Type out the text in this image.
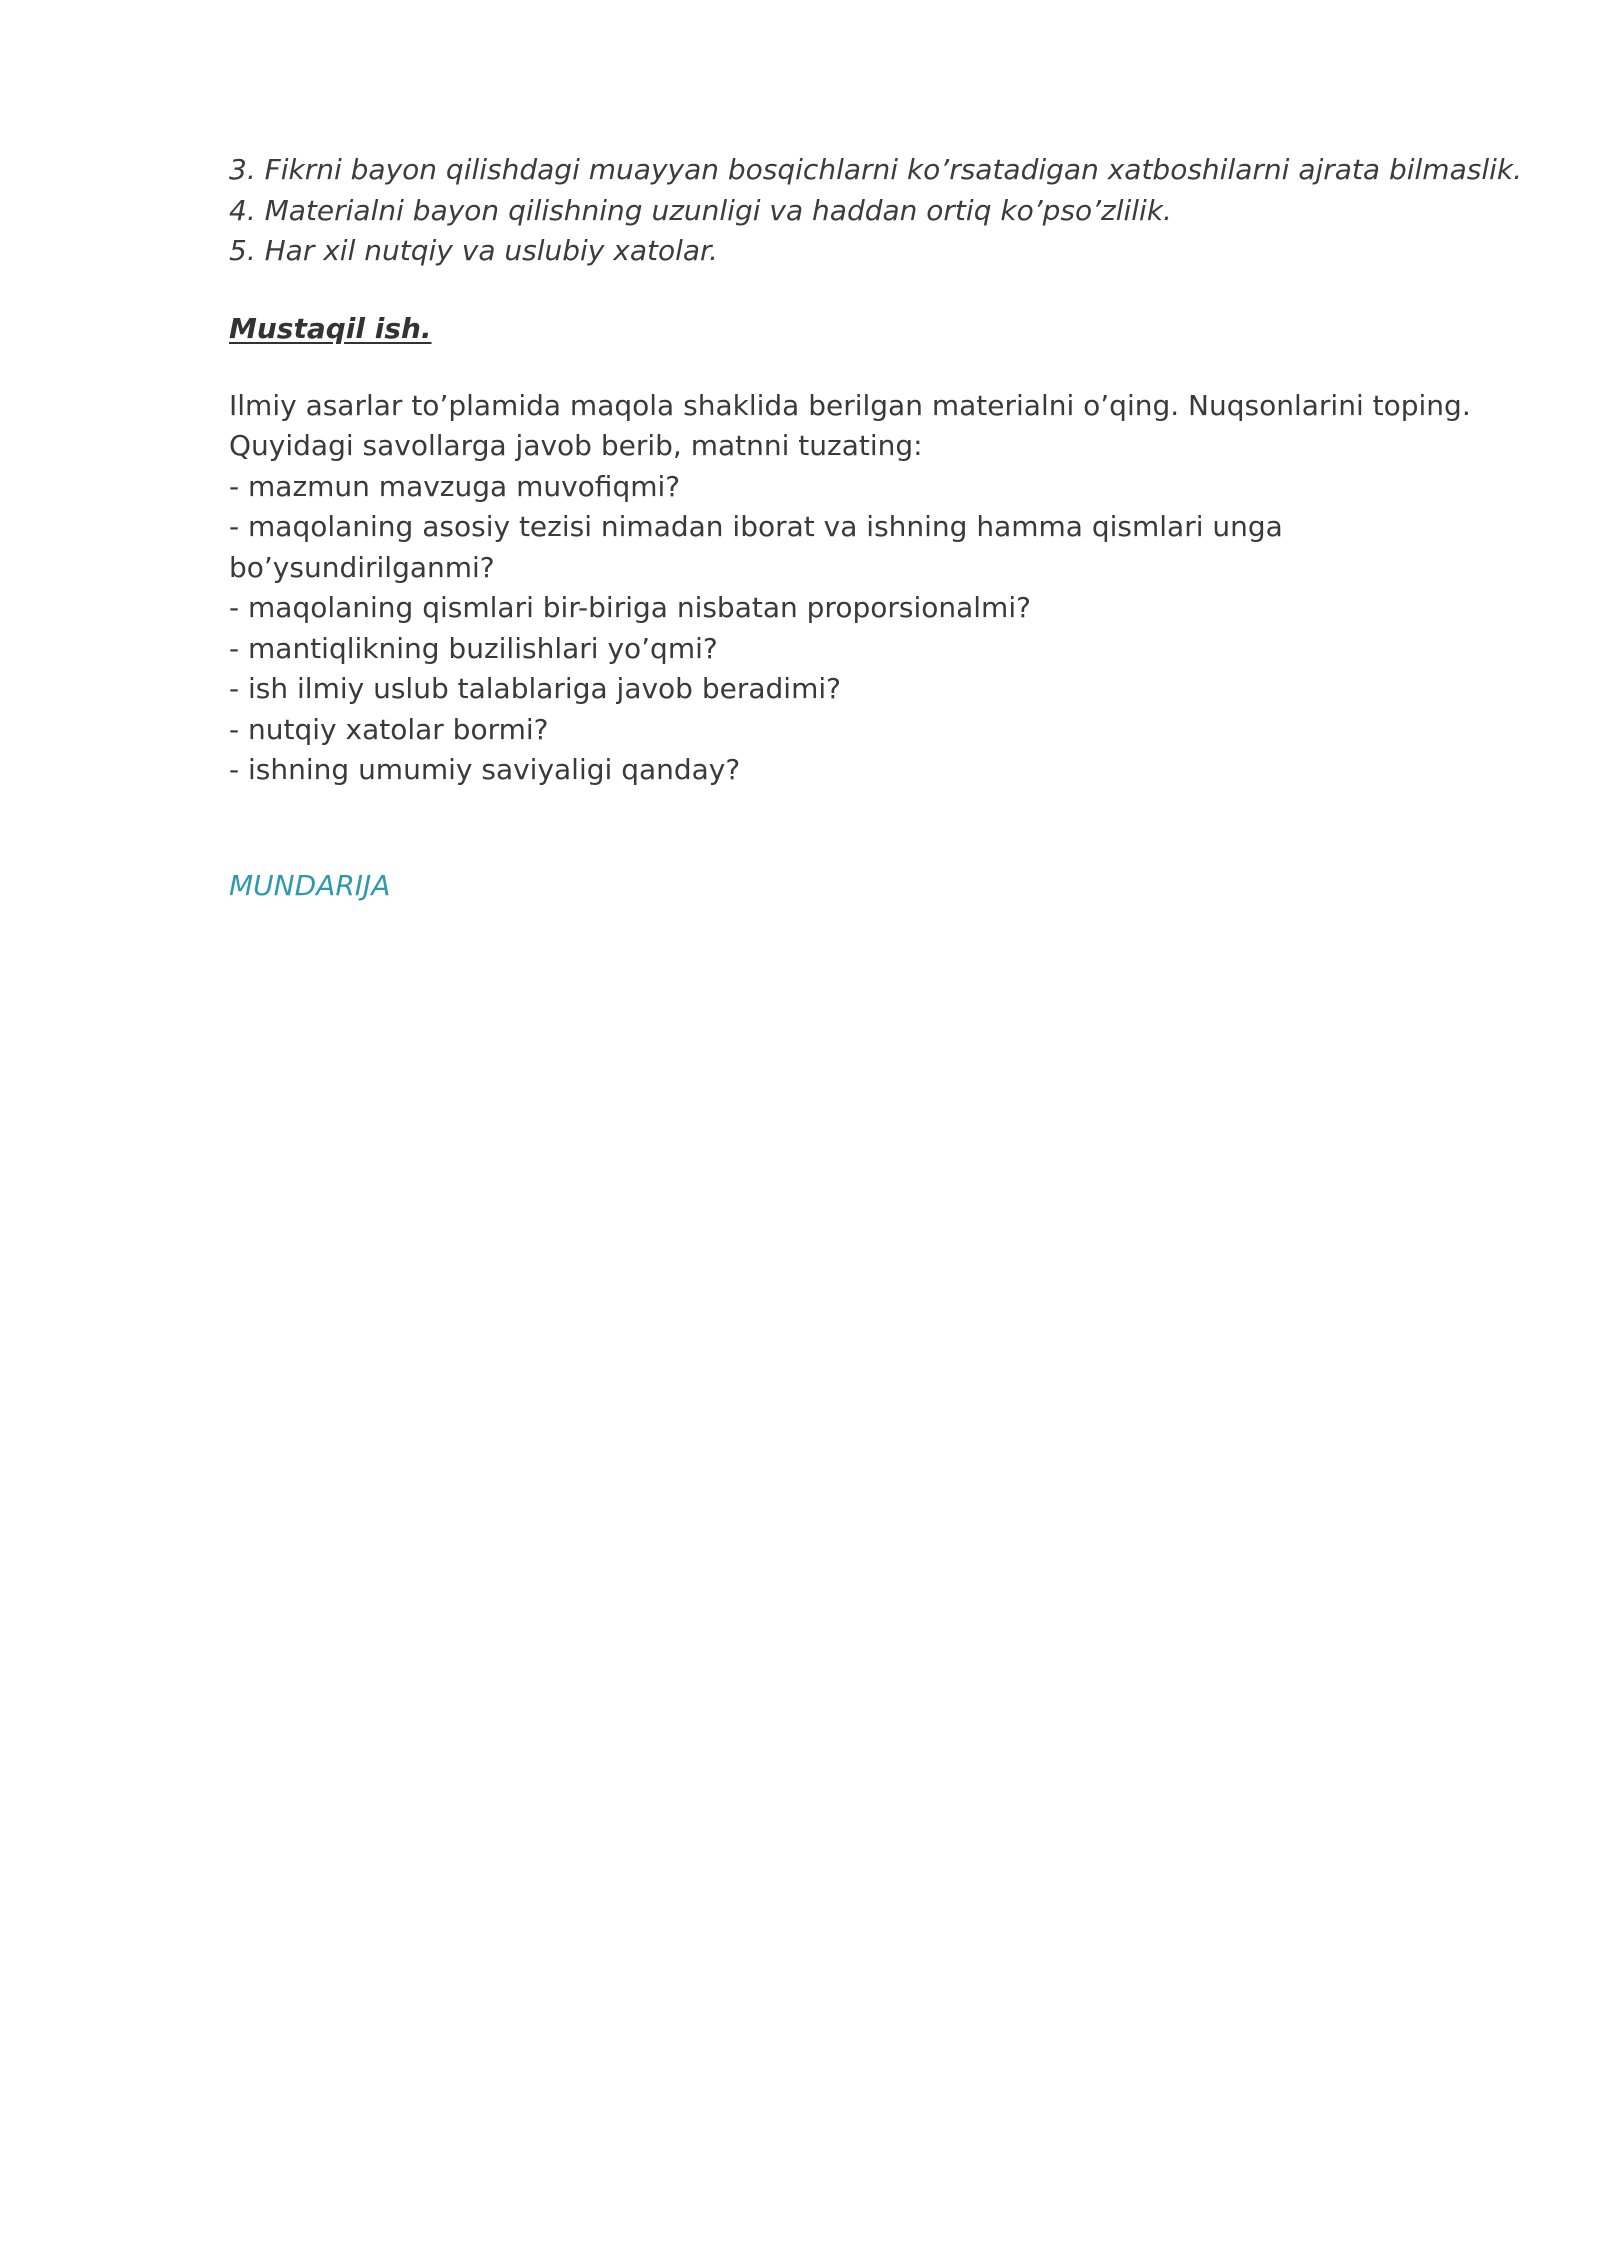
3. Fikrni bayon qilishdagi muayyan bosqichlarni ko’rsatadigan xatboshilarni ajrata bilmaslik.
4. Materialni bayon qilishning uzunligi va haddan ortiq ko’pso’zlilik.
5. Har xil nutqiy va uslubiy xatolar.
Mustaqil ish.
Ilmiy asarlar to’plamida maqola shaklida berilgan materialni o’qing. Nuqsonlarini toping.
Quyidagi savollarga javob berib, matnni tuzating:
- mazmun mavzuga muvofiqmi?
- maqolaning asosiy tezisi nimadan iborat va ishning hamma qismlari unga
bo’ysundirilganmi?
- maqolaning qismlari bir-biriga nisbatan proporsionalmi?
- mantiqlikning buzilishlari yo’qmi?
- ish ilmiy uslub talablariga javob beradimi?
- nutqiy xatolar bormi?
- ishning umumiy saviyaligi qanday?
MUNDARIJA
